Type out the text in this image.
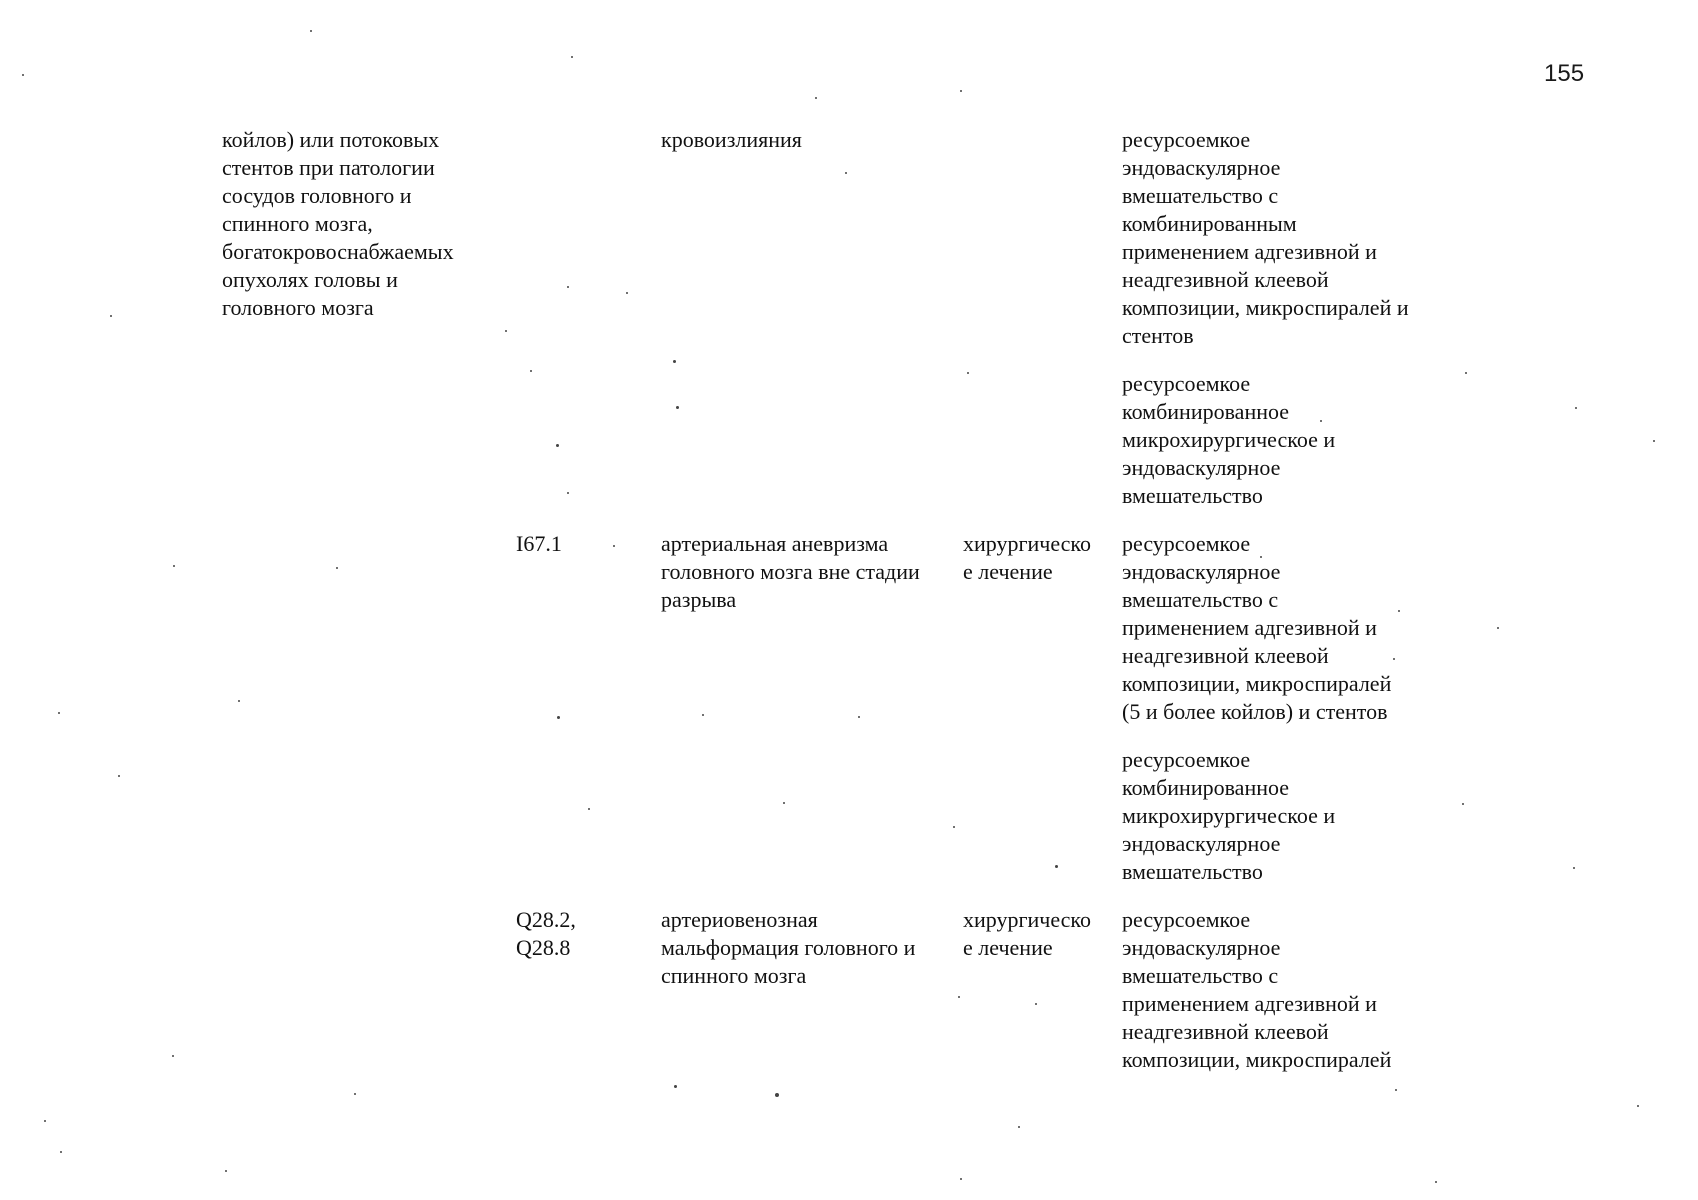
155
койлов) или потоковых
стентов при патологии
сосудов головного и
спинного мозга,
богатокровоснабжаемых
опухолях головы и
головного мозга
кровоизлияния	ресурсоемкое
эндоваскулярное
вмешательство с
комбинированным
применением адгезивной и
неадгезивной клеевой
композиции, микроспиралей и
стентов
ресурсоемкое
комбинированное
микрохирургическое и
эндоваскулярное
вмешательство
I67.1	артериальная аневризма
головного мозга вне стадии
разрыва
хирургическо
е лечение
ресурсоемкое
эндоваскулярное
вмешательство с
применением адгезивной и
неадгезивной клеевой
композиции, микроспиралей
(5 и более койлов) и стентов
ресурсоемкое
комбинированное
микрохирургическое и
эндоваскулярное
вмешательство
Q28.2,
Q28.8
артериовенозная
мальформация головного и
спинного мозга
хирургическо
е лечение
ресурсоемкое
эндоваскулярное
вмешательство с
применением адгезивной и
неадгезивной клеевой
композиции, микроспиралей
